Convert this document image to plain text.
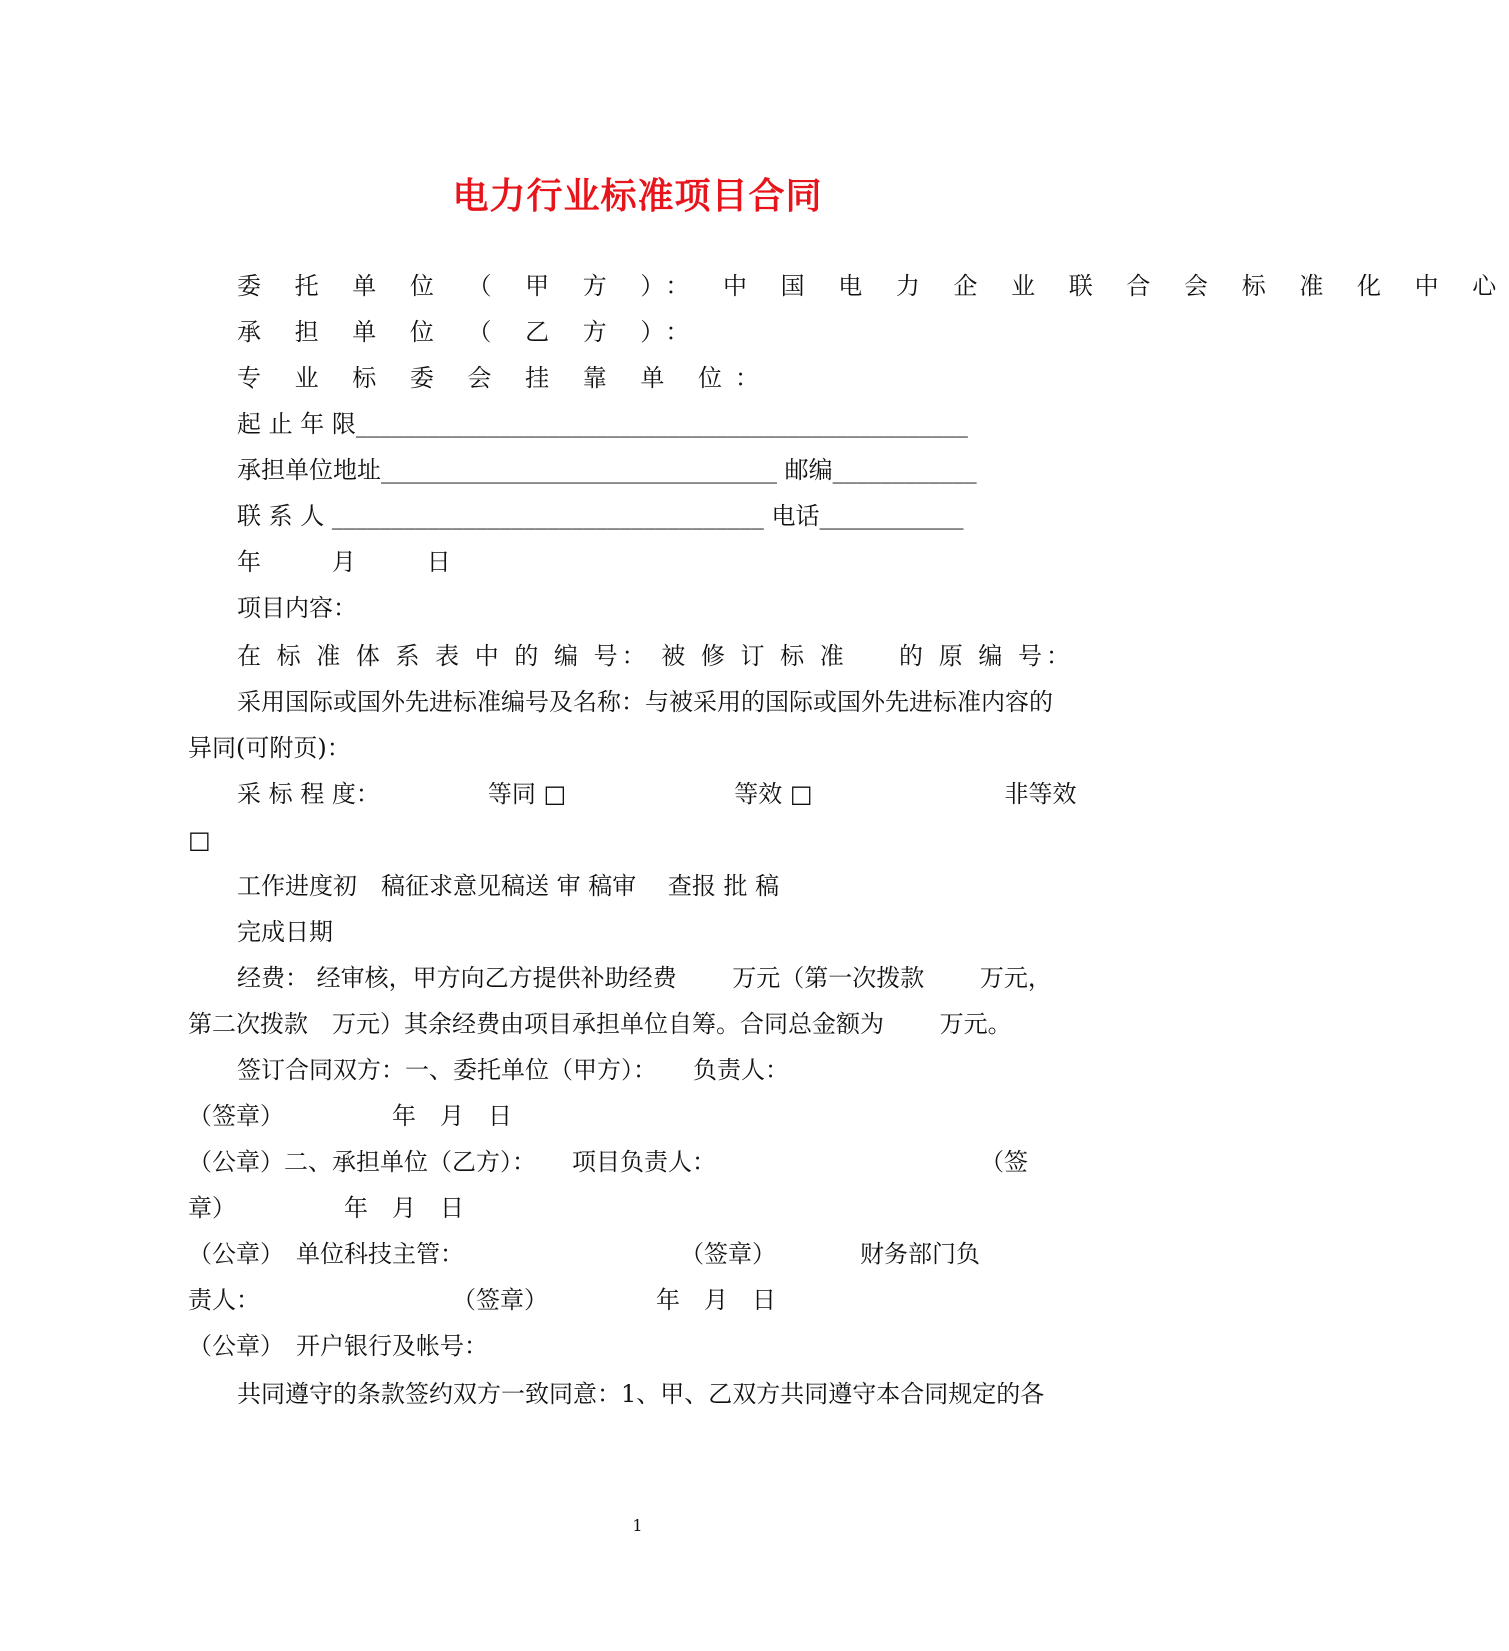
电力行业标准项目合同
委 托 单 位 （ 甲 方 ）： 中 国 电 力 企 业 联 合 会 标 准 化 中 心
承 担 单 位 （ 乙 方 ）：
专 业 标 委 会 挂 靠 单 位：
起 止 年 限___________________________________________________
承担单位地址_________________________________ 邮编____________
联 系 人 ____________________________________ 电话____________
年 　 　 月 　 　 日
项目内容：
在 标 准 体 系 表 中 的 编 号： 被 修 订 标 准 　 的 原 编 号：
采用国际或国外先进标准编号及名称：与被采用的国际或国外先进标准内容的
异同(可附页)：
采 标 程 度：　　　　　等同 □　　　　　　　等效 □　　　　　　　　非等效
□
工作进度初　稿征求意见稿送 审 稿审　 查报 批 稿
完成日期
经费： 经审核，甲方向乙方提供补助经费　　 万元（第一次拨款　　 万元，
第二次拨款　万元）其余经费由项目承担单位自筹。合同总金额为　　 万元。
签订合同双方：一、委托单位（甲方）：　　负责人：
（签章）　　　　　年　月　日
（公章）二、承担单位（乙方）：　　项目负责人：　　　　　　　　　　　　（签
章）　　　　　年　月　日
（公章）　单位科技主管：　　　　　　　　　　（签章）　　　　财务部门负
责人：　　　　　　　　　（签章）　　　　　年　月　日
（公章）　开户银行及帐号：
共同遵守的条款签约双方一致同意：1、甲、乙双方共同遵守本合同规定的各
1
